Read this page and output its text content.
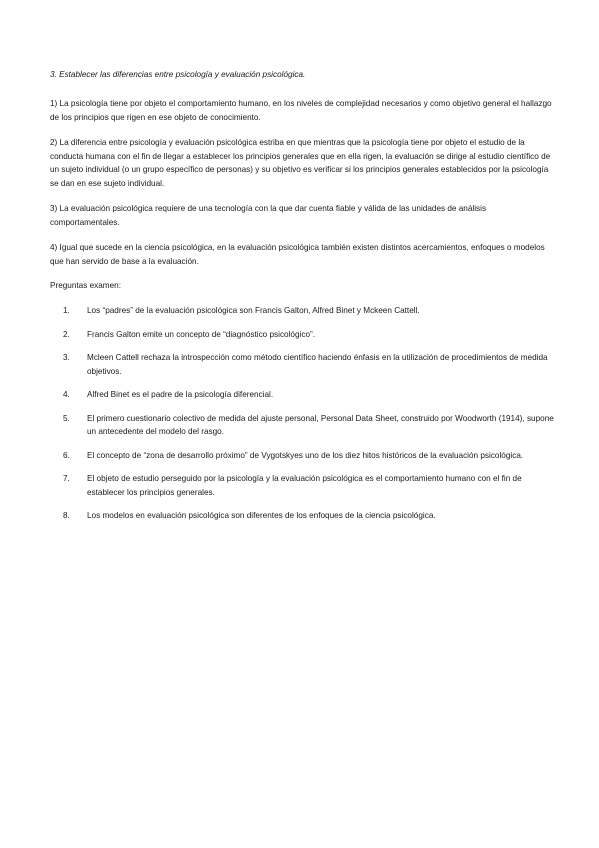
3. Establecer las diferencias entre psicología y evaluación psicológica.

1) La psicología tiene por objeto el comportamiento humano, en los niveles de complejidad necesarios y como objetivo general el hallazgo de los principios que rigen en ese objeto de conocimiento.

2) La diferencia entre psicología y evaluación psicológica estriba en que mientras que la psicología tiene por objeto el estudio de la conducta humana con el fin de llegar a establecer los principios generales que en ella rigen, la evaluación se dirige al estudio científico de un sujeto individual (o un grupo específico de personas) y su objetivo es verificar si los principios generales establecidos por la psicología se dan en ese sujeto individual.

3) La evaluación psicológica requiere de una tecnología con la que dar cuenta fiable y válida de las unidades de análisis comportamentales.

4) Igual que sucede en la ciencia psicológica, en la evaluación psicológica también existen distintos acercamientos, enfoques o modelos que han servido de base a la evaluación.

Preguntas examen:

1.	Los “padres” de la evaluación psicológica son Francis Galton, Alfred Binet y Mckeen Cattell.
2.	Francis Galton emite un concepto de “diagnóstico psicológico”.
3.	Mcleen Cattell rechaza la introspección como método científico haciendo énfasis en la utilización de procedimientos de medida objetivos.
4.	Alfred Binet es el padre de la psicología diferencial.
5.	El primero cuestionario colectivo de medida del ajuste personal, Personal Data Sheet, construido por Woodworth (1914), supone un antecedente del modelo del rasgo.
6.	El concepto de “zona de desarrollo próximo” de Vygotskyes uno de los diez hitos históricos de la evaluación psicológica.
7.	El objeto de estudio perseguido por la psicología y la evaluación psicológica es el comportamiento humano con el fin de establecer los principios generales.
8.	Los modelos en evaluación psicológica son diferentes de los enfoques de la ciencia psicológica.
